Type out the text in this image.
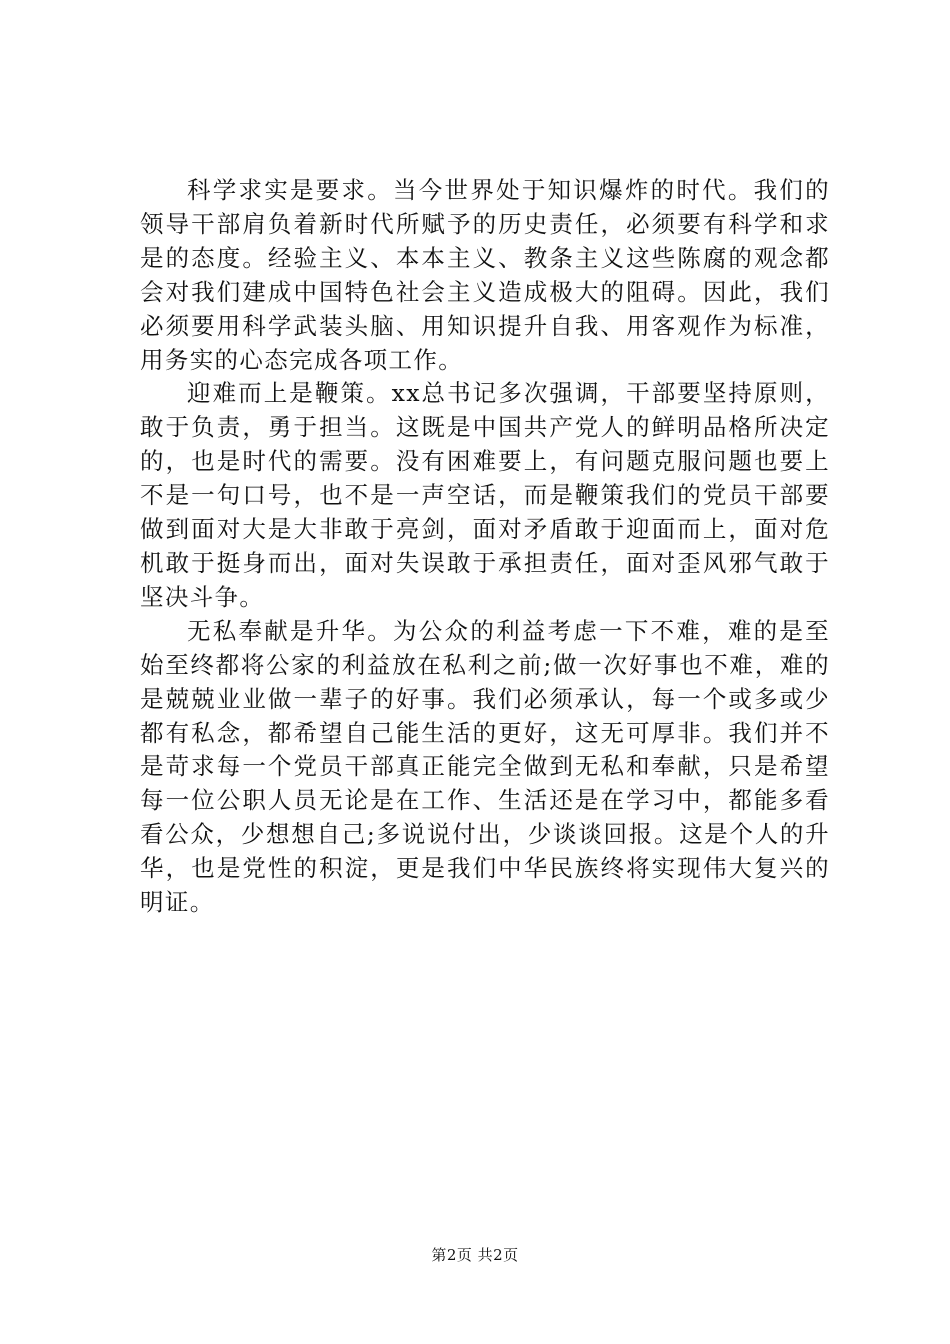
科学求实是要求。当今世界处于知识爆炸的时代。我们的领导干部肩负着新时代所赋予的历史责任，必须要有科学和求是的态度。经验主义、本本主义、教条主义这些陈腐的观念都会对我们建成中国特色社会主义造成极大的阻碍。因此，我们必须要用科学武装头脑、用知识提升自我、用客观作为标准，用务实的心态完成各项工作。

迎难而上是鞭策。xx总书记多次强调，干部要坚持原则，敢于负责，勇于担当。这既是中国共产党人的鲜明品格所决定的，也是时代的需要。没有困难要上，有问题克服问题也要上不是一句口号，也不是一声空话，而是鞭策我们的党员干部要做到面对大是大非敢于亮剑，面对矛盾敢于迎面而上，面对危机敢于挺身而出，面对失误敢于承担责任，面对歪风邪气敢于坚决斗争。

无私奉献是升华。为公众的利益考虑一下不难，难的是至始至终都将公家的利益放在私利之前;做一次好事也不难，难的是兢兢业业做一辈子的好事。我们必须承认，每一个或多或少都有私念，都希望自己能生活的更好，这无可厚非。我们并不是苛求每一个党员干部真正能完全做到无私和奉献，只是希望每一位公职人员无论是在工作、生活还是在学习中，都能多看看公众，少想想自己;多说说付出，少谈谈回报。这是个人的升华，也是党性的积淀，更是我们中华民族终将实现伟大复兴的明证。

第2页 共2页
